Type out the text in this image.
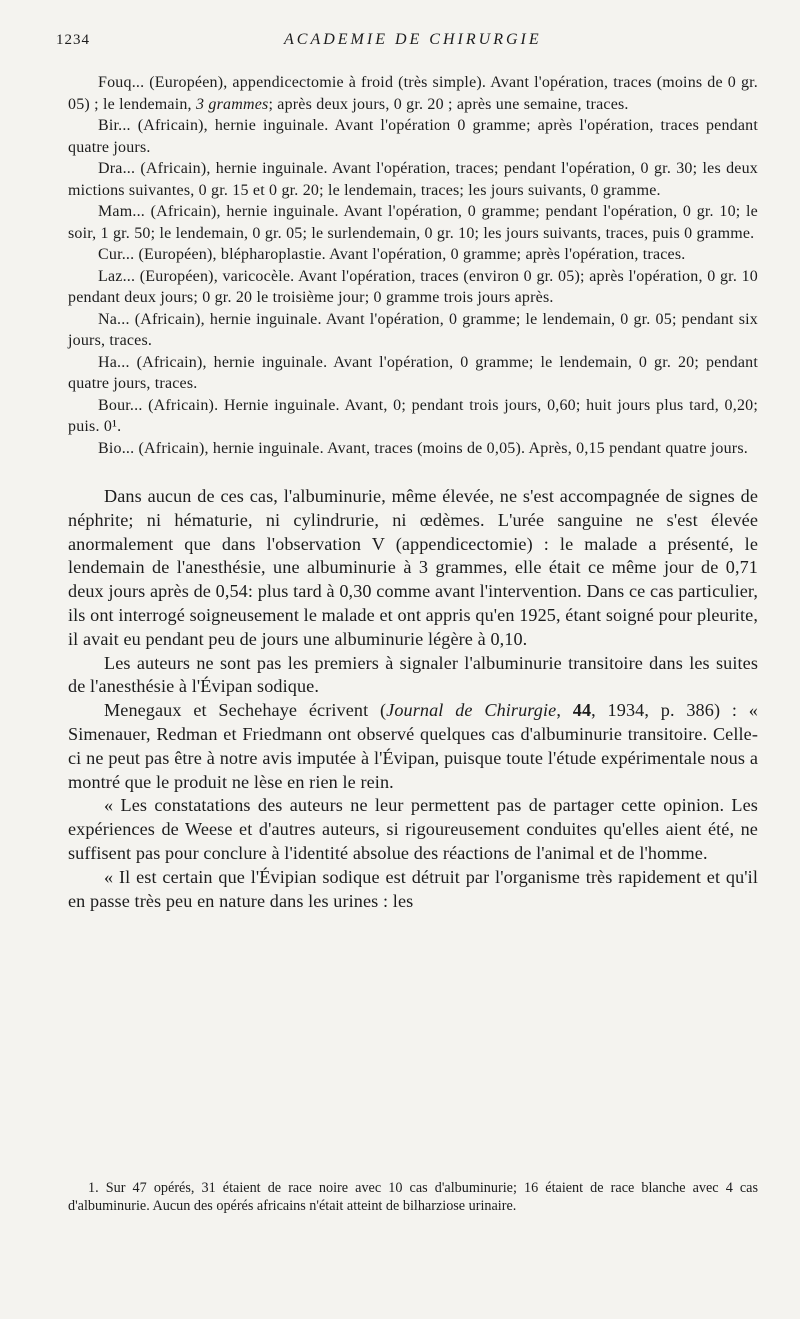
1234	ACADEMIE DE CHIRURGIE

Fouq... (Européen), appendicectomie à froid (très simple). Avant l'opération, traces (moins de 0 gr. 05) ; le lendemain, 3 grammes; après deux jours, 0 gr. 20 ; après une semaine, traces.

Bir... (Africain), hernie inguinale. Avant l'opération 0 gramme; après l'opération, traces pendant quatre jours.

Dra... (Africain), hernie inguinale. Avant l'opération, traces; pendant l'opération, 0 gr. 30; les deux mictions suivantes, 0 gr. 15 et 0 gr. 20; le lendemain, traces; les jours suivants, 0 gramme.

Mam... (Africain), hernie inguinale. Avant l'opération, 0 gramme; pendant l'opération, 0 gr. 10; le soir, 1 gr. 50; le lendemain, 0 gr. 05; le surlendemain, 0 gr. 10; les jours suivants, traces, puis 0 gramme.

Cur... (Européen), blépharoplastie. Avant l'opération, 0 gramme; après l'opération, traces.

Laz... (Européen), varicocèle. Avant l'opération, traces (environ 0 gr. 05); après l'opération, 0 gr. 10 pendant deux jours; 0 gr. 20 le troisième jour; 0 gramme trois jours après.

Na... (Africain), hernie inguinale. Avant l'opération, 0 gramme; le lendemain, 0 gr. 05; pendant six jours, traces.

Ha... (Africain), hernie inguinale. Avant l'opération, 0 gramme; le lendemain, 0 gr. 20; pendant quatre jours, traces.

Bour... (Africain). Hernie inguinale. Avant, 0; pendant trois jours, 0,60; huit jours plus tard, 0,20; puis. 0¹.

Bio... (Africain), hernie inguinale. Avant, traces (moins de 0,05). Après, 0,15 pendant quatre jours.

Dans aucun de ces cas, l'albuminurie, même élevée, ne s'est accompagnée de signes de néphrite; ni hématurie, ni cylindrurie, ni œdèmes. L'urée sanguine ne s'est élevée anormalement que dans l'observation V (appendicectomie) : le malade a présenté, le lendemain de l'anesthésie, une albuminurie à 3 grammes, elle était ce même jour de 0,71 deux jours après de 0,54: plus tard à 0,30 comme avant l'intervention. Dans ce cas particulier, ils ont interrogé soigneusement le malade et ont appris qu'en 1925, étant soigné pour pleurite, il avait eu pendant peu de jours une albuminurie légère à 0,10.

Les auteurs ne sont pas les premiers à signaler l'albuminurie transitoire dans les suites de l'anesthésie à l'Évipan sodique.

Menegaux et Sechehaye écrivent (Journal de Chirurgie, 44, 1934, p. 386) : « Simenauer, Redman et Friedmann ont observé quelques cas d'albuminurie transitoire. Celle-ci ne peut pas être à notre avis imputée à l'Évipan, puisque toute l'étude expérimentale nous a montré que le produit ne lèse en rien le rein.

« Les constatations des auteurs ne leur permettent pas de partager cette opinion. Les expériences de Weese et d'autres auteurs, si rigoureusement conduites qu'elles aient été, ne suffisent pas pour conclure à l'identité absolue des réactions de l'animal et de l'homme.

« Il est certain que l'Évipian sodique est détruit par l'organisme très rapidement et qu'il en passe très peu en nature dans les urines : les

1. Sur 47 opérés, 31 étaient de race noire avec 10 cas d'albuminurie; 16 étaient de race blanche avec 4 cas d'albuminurie. Aucun des opérés africains n'était atteint de bilharziose urinaire.
